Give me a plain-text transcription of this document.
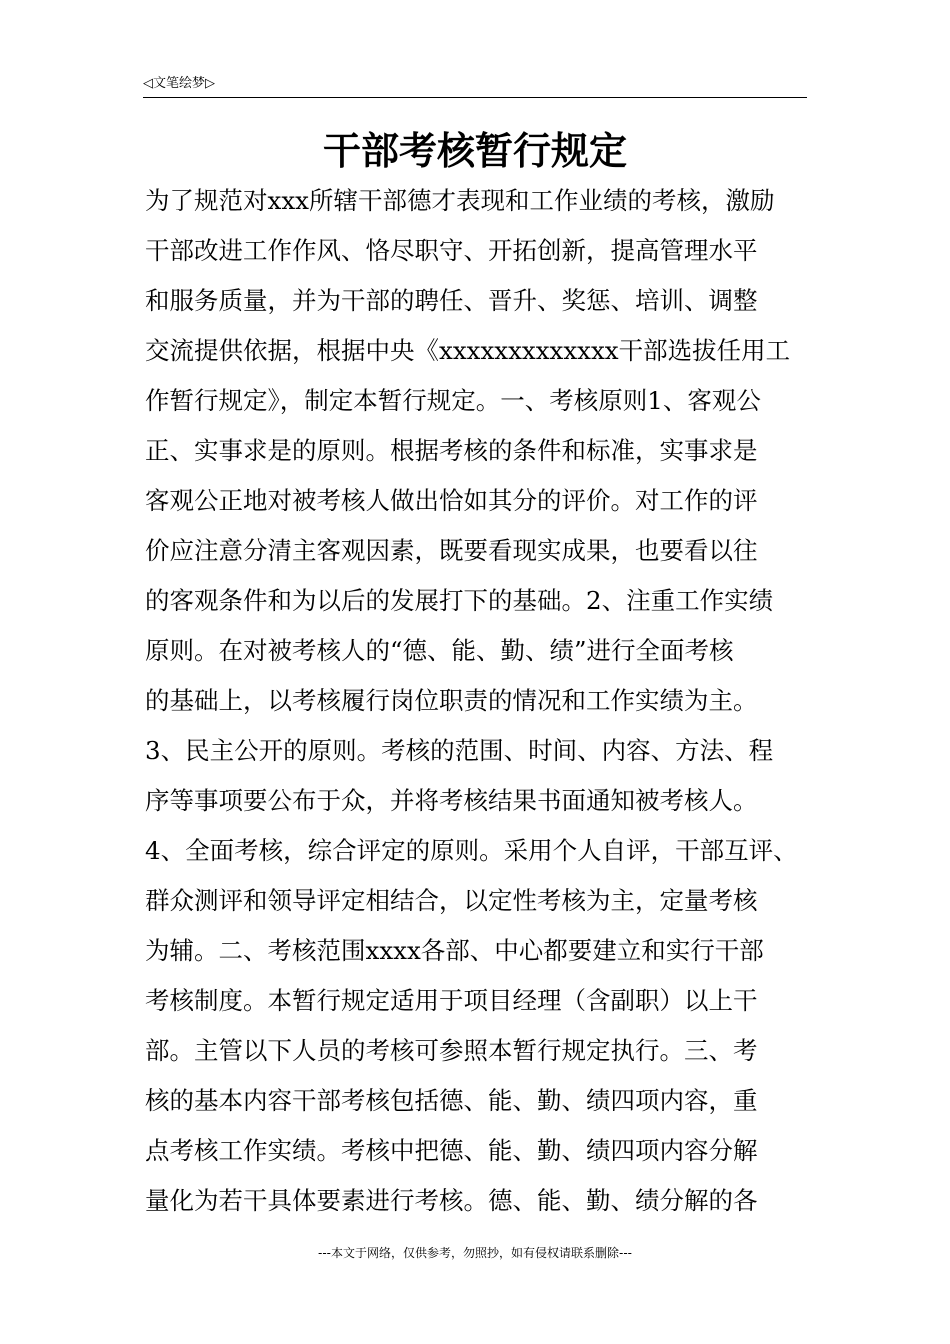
◁文笔绘梦▷
干部考核暂行规定
为了规范对xxx所辖干部德才表现和工作业绩的考核，激励
干部改进工作作风、恪尽职守、开拓创新，提高管理水平
和服务质量，并为干部的聘任、晋升、奖惩、培训、调整
交流提供依据，根据中央《xxxxxxxxxxxxx干部选拔任用工
作暂行规定》，制定本暂行规定。一、考核原则1、客观公
正、实事求是的原则。根据考核的条件和标准，实事求是
客观公正地对被考核人做出恰如其分的评价。对工作的评
价应注意分清主客观因素，既要看现实成果，也要看以往
的客观条件和为以后的发展打下的基础。2、注重工作实绩
原则。在对被考核人的“德、能、勤、绩”进行全面考核
的基础上，以考核履行岗位职责的情况和工作实绩为主。
3、民主公开的原则。考核的范围、时间、内容、方法、程
序等事项要公布于众，并将考核结果书面通知被考核人。
4、全面考核，综合评定的原则。采用个人自评，干部互评、
群众测评和领导评定相结合，以定性考核为主，定量考核
为辅。二、考核范围xxxx各部、中心都要建立和实行干部
考核制度。本暂行规定适用于项目经理（含副职）以上干
部。主管以下人员的考核可参照本暂行规定执行。三、考
核的基本内容干部考核包括德、能、勤、绩四项内容，重
点考核工作实绩。考核中把德、能、勤、绩四项内容分解
量化为若干具体要素进行考核。德、能、勤、绩分解的各
---本文于网络，仅供参考，勿照抄，如有侵权请联系删除---
